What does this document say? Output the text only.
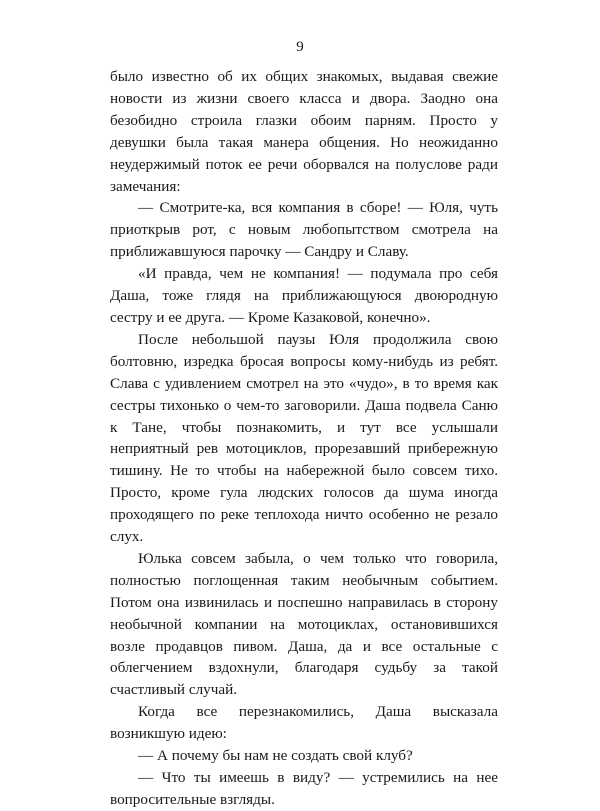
9

было известно об их общих знакомых, выдавая свежие новости из жизни своего класса и двора. Заодно она безобидно строила глазки обоим парням. Просто у девушки была такая манера общения. Но неожиданно неудержимый поток ее речи оборвался на полуслове ради замечания:

— Смотрите-ка, вся компания в сборе! — Юля, чуть приоткрыв рот, с новым любопытством смотрела на приближавшуюся парочку — Сандру и Славу.

«И правда, чем не компания! — подумала про себя Даша, тоже глядя на приближающуюся двоюродную сестру и ее друга. — Кроме Казаковой, конечно».

После небольшой паузы Юля продолжила свою болтовню, изредка бросая вопросы кому-нибудь из ребят. Слава с удивлением смотрел на это «чудо», в то время как сестры тихонько о чем-то заговорили. Даша подвела Саню к Тане, чтобы познакомить, и тут все услышали неприятный рев мотоциклов, прорезавший прибережную тишину. Не то чтобы на набережной было совсем тихо. Просто, кроме гула людских голосов да шума иногда проходящего по реке теплохода ничто особенно не резало слух.

Юлька совсем забыла, о чем только что говорила, полностью поглощенная таким необычным событием. Потом она извинилась и поспешно направилась в сторону необычной компании на мотоциклах, остановившихся возле продавцов пивом. Даша, да и все остальные с облегчением вздохнули, благодаря судьбу за такой счастливый случай.

Когда все перезнакомились, Даша высказала возникшую идею:

— А почему бы нам не создать свой клуб?

— Что ты имеешь в виду? — устремились на нее вопросительные взгляды.
